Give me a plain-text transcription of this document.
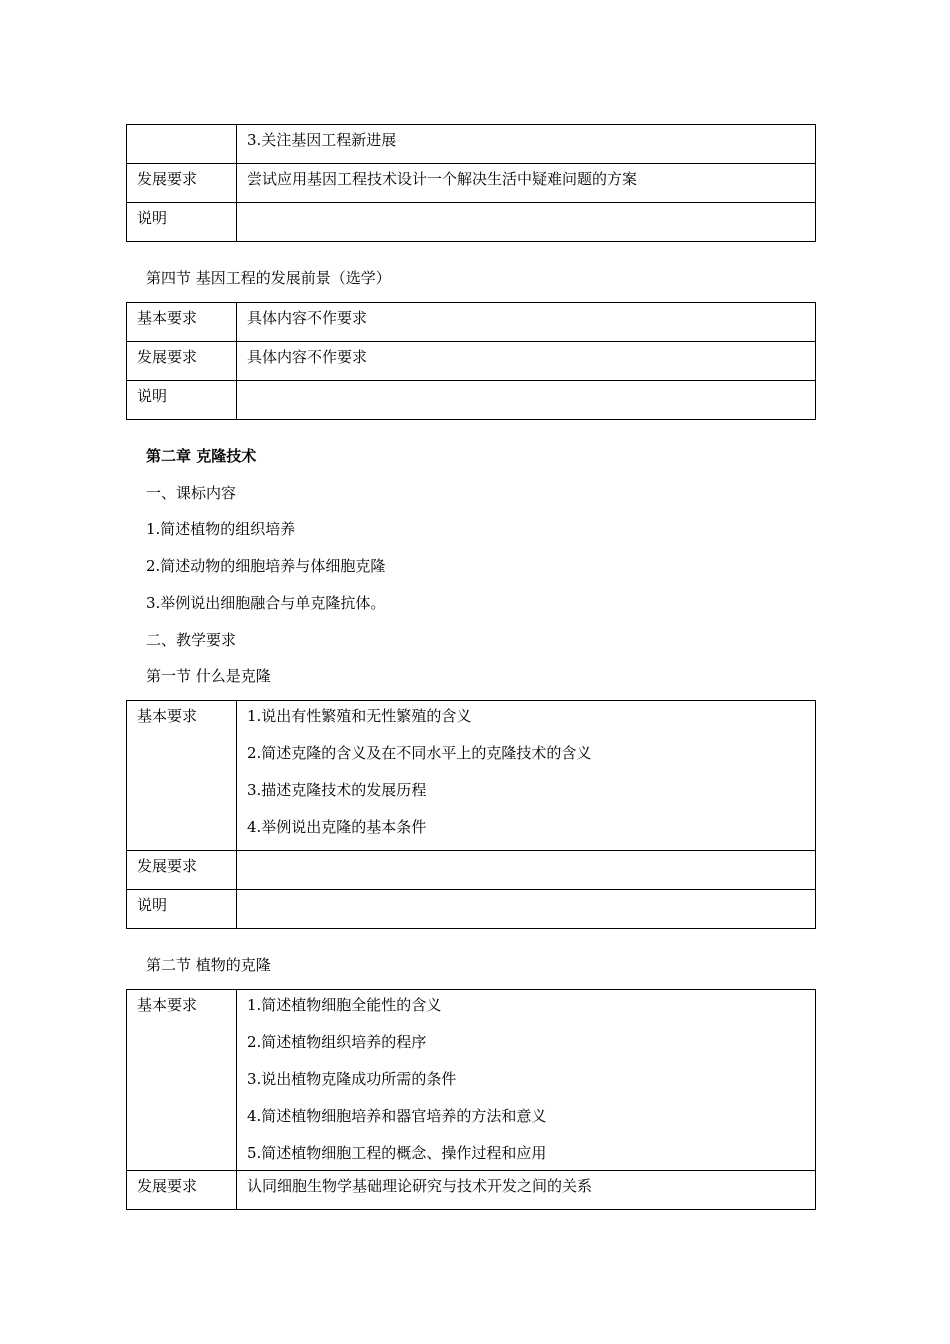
	3.关注基因工程新进展
发展要求	尝试应用基因工程技术设计一个解决生活中疑难问题的方案
说明	

第四节 基因工程的发展前景（选学）

基本要求	具体内容不作要求
发展要求	具体内容不作要求
说明	

第二章 克隆技术

一、课标内容

1.简述植物的组织培养

2.简述动物的细胞培养与体细胞克隆

3.举例说出细胞融合与单克隆抗体。

二、教学要求

第一节 什么是克隆

基本要求	1.说出有性繁殖和无性繁殖的含义
2.简述克隆的含义及在不同水平上的克隆技术的含义
3.描述克隆技术的发展历程
4.举例说出克隆的基本条件

发展要求	
说明	

第二节 植物的克隆

基本要求	1.简述植物细胞全能性的含义
2.简述植物组织培养的程序
3.说出植物克隆成功所需的条件
4.简述植物细胞培养和器官培养的方法和意义
5.简述植物细胞工程的概念、操作过程和应用

发展要求	认同细胞生物学基础理论研究与技术开发之间的关系
